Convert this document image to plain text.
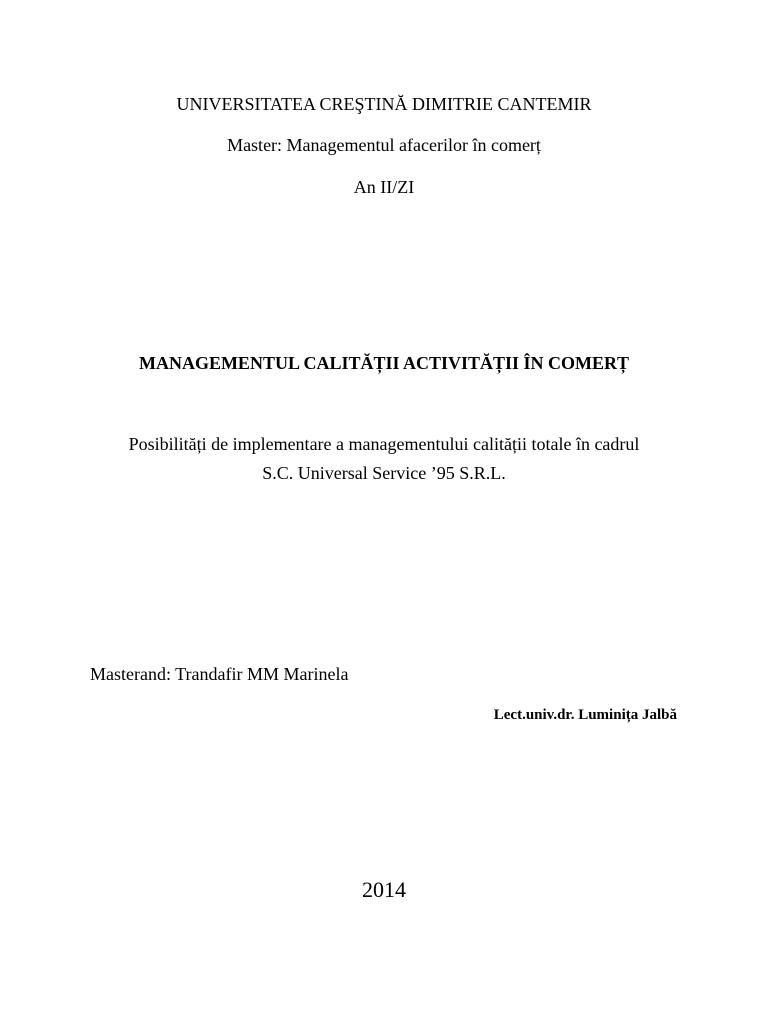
UNIVERSITATEA CREŞTINĂ DIMITRIE CANTEMIR
Master: Managementul afacerilor în comerț
An II/ZI
MANAGEMENTUL CALITĂȚII ACTIVITĂȚII ÎN COMERȚ
Posibilități de implementare a managementului calității totale în cadrul
S.C. Universal Service ’95 S.R.L.
Masterand: Trandafir MM Marinela
Lect.univ.dr. Luminița Jalbă
2014
